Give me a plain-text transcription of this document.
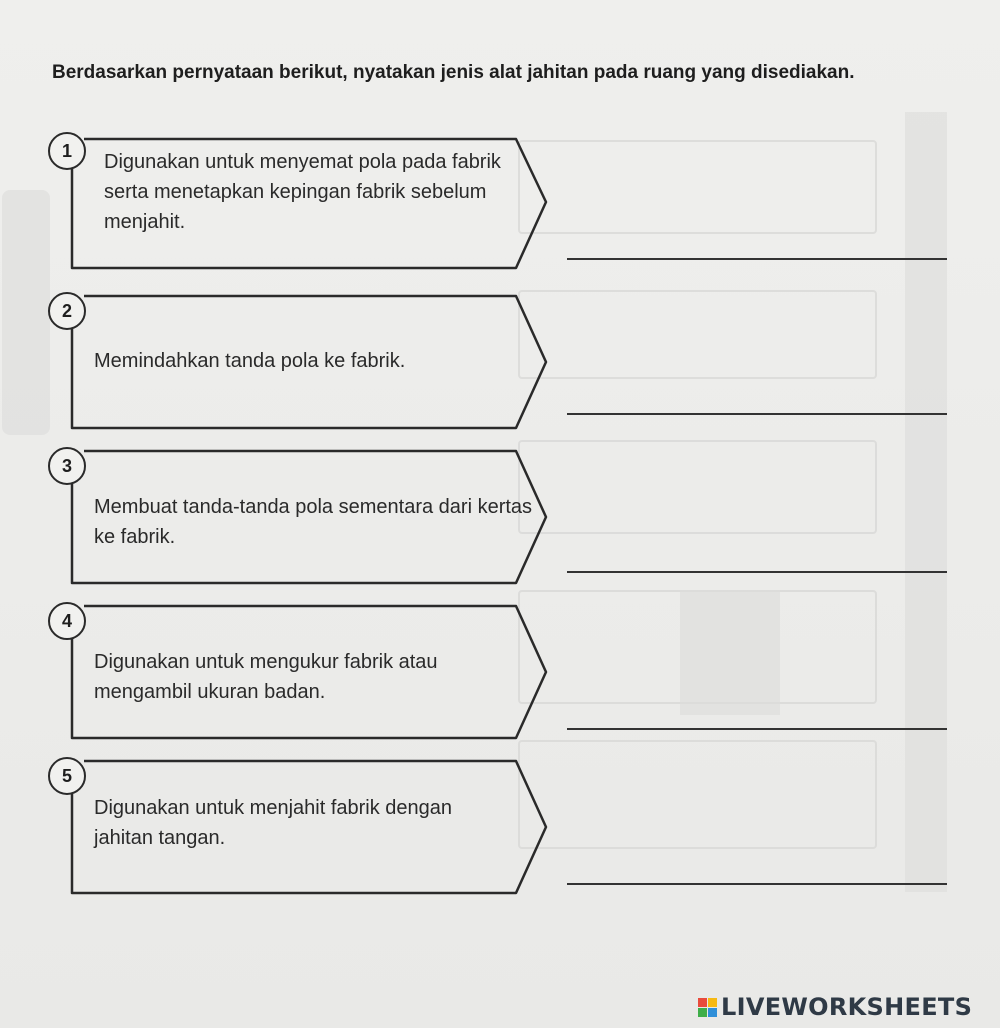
Berdasarkan pernyataan berikut, nyatakan jenis alat jahitan pada ruang yang disediakan.
1	Digunakan untuk menyemat pola pada fabrik serta menetapkan kepingan fabrik sebelum menjahit.
2
Memindahkan tanda pola ke fabrik.
3
Membuat tanda-tanda pola sementara dari kertas ke fabrik.
4
Digunakan untuk mengukur fabrik atau mengambil ukuran badan.
5
Digunakan untuk menjahit fabrik dengan jahitan tangan.
LIVEWORKSHEETS
